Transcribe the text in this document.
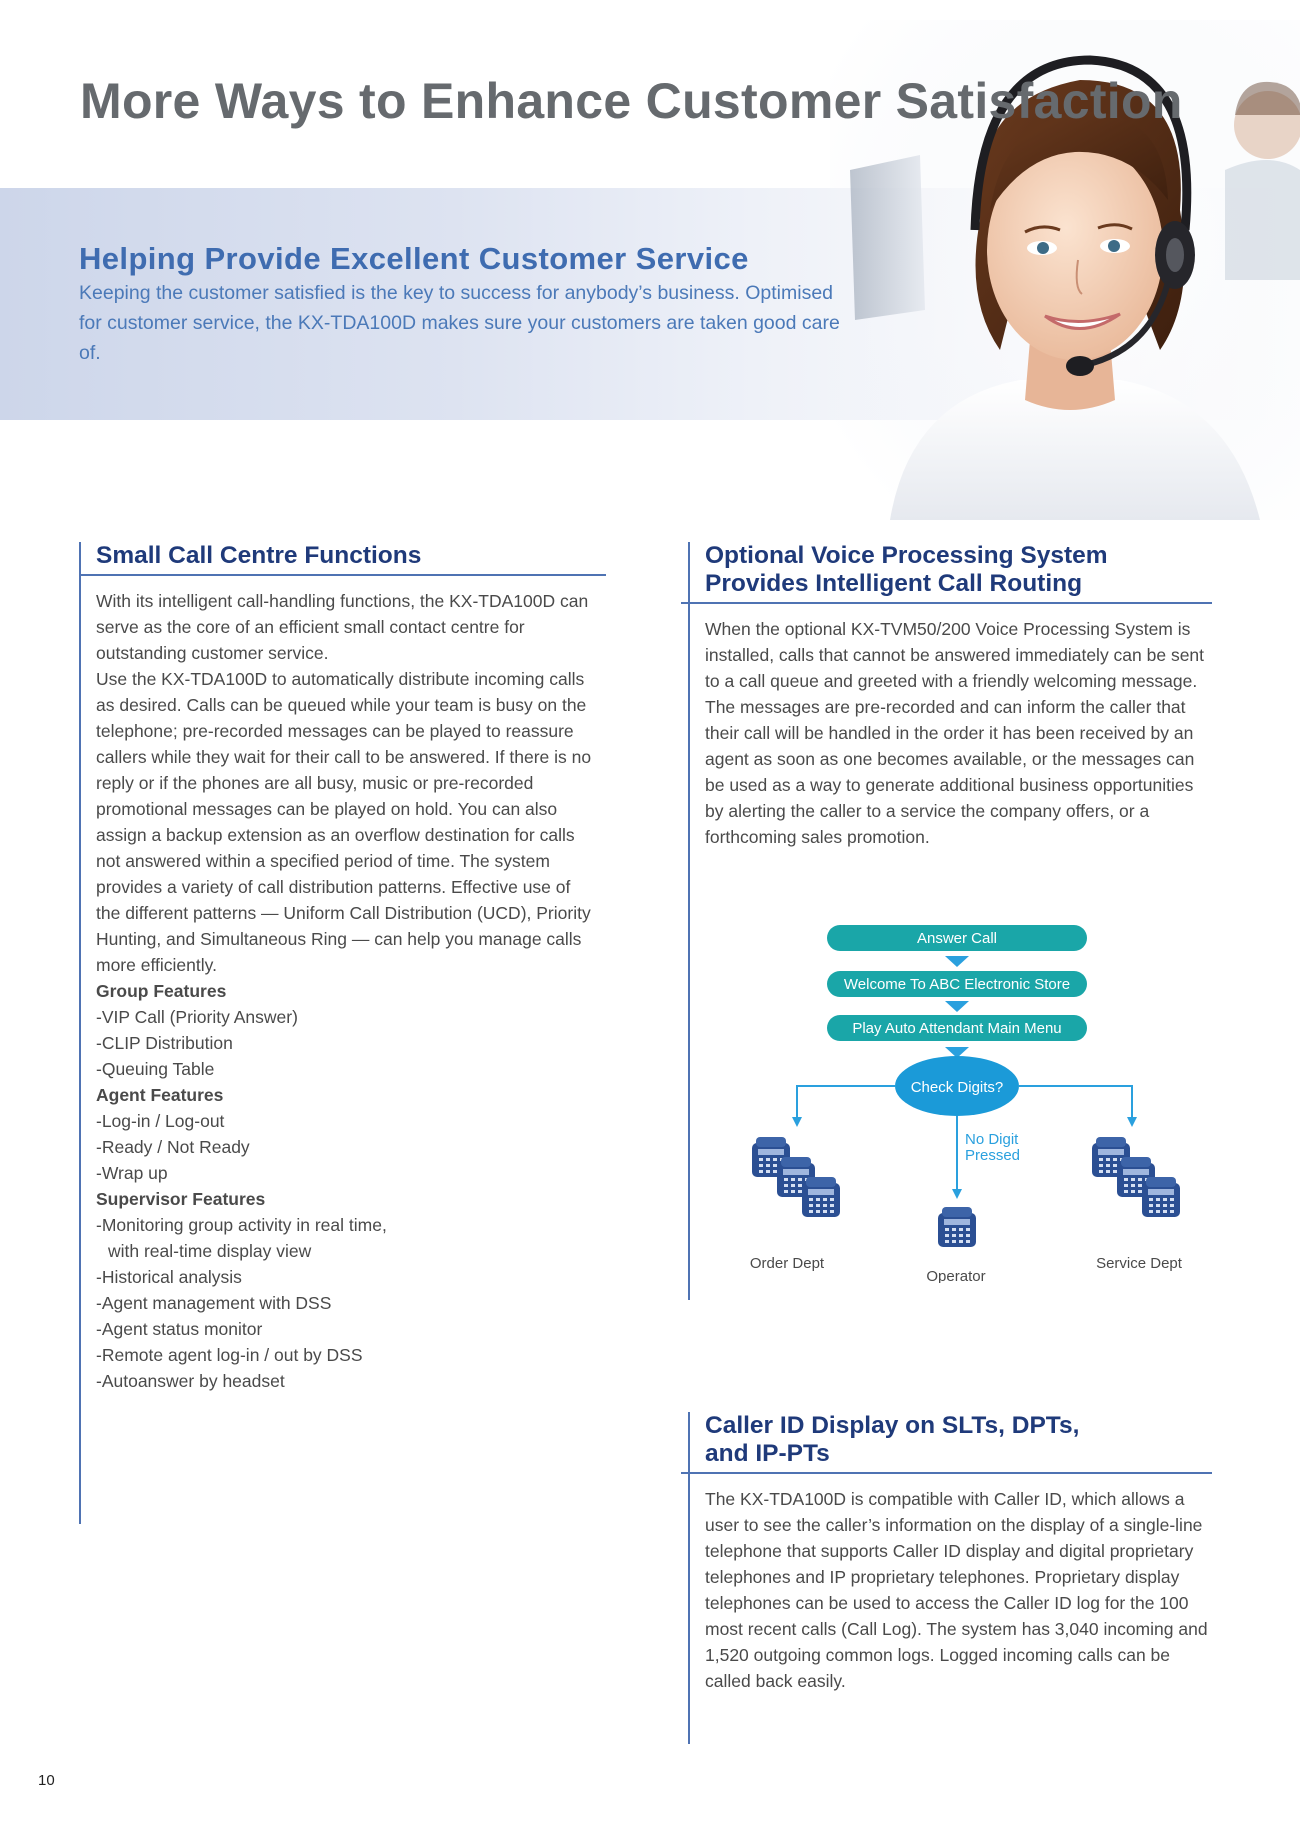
More Ways to Enhance Customer Satisfaction
Helping Provide Excellent Customer Service

Keeping the customer satisfied is the key to success for anybody’s business. Optimised for customer service, the KX-TDA100D makes sure your customers are taken good care of.

Small Call Centre Functions

With its intelligent call-handling functions, the KX-TDA100D can serve as the core of an efficient small contact centre for outstanding customer service.

Use the KX-TDA100D to automatically distribute incoming calls as desired. Calls can be queued while your team is busy on the telephone; pre-recorded messages can be played to reassure callers while they wait for their call to be answered. If there is no reply or if the phones are all busy, music or pre-recorded promotional messages can be played on hold. You can also assign a backup extension as an overflow destination for calls not answered within a specified period of time. The system provides a variety of call distribution patterns. Effective use of the different patterns — Uniform Call Distribution (UCD), Priority Hunting, and Simultaneous Ring — can help you manage calls more efficiently.

Group Features

-VIP Call (Priority Answer)

-CLIP Distribution

-Queuing Table

Agent Features

-Log-in / Log-out

-Ready / Not Ready

-Wrap up

Supervisor Features

-Monitoring group activity in real time,

with real-time display view

-Historical analysis

-Agent management with DSS

-Agent status monitor

-Remote agent log-in / out by DSS

-Autoanswer by headset

Optional Voice Processing System
Provides Intelligent Call Routing

When the optional KX-TVM50/200 Voice Processing System is installed, calls that cannot be answered immediately can be sent to a call queue and greeted with a friendly welcoming message. The messages are pre-recorded and can inform the caller that their call will be handled in the order it has been received by an agent as soon as one becomes available, or the messages can be used as a way to generate additional business opportunities by alerting the caller to a service the company offers, or a forthcoming sales promotion.

Answer Call
Welcome To ABC Electronic Store
Play Auto Attendant Main Menu
Check Digits?
No Digit
Pressed
Order Dept
Operator
Service Dept
Caller ID Display on SLTs, DPTs,
and IP-PTs

The KX-TDA100D is compatible with Caller ID, which allows a user to see the caller’s information on the display of a single-line telephone that supports Caller ID display and digital proprietary telephones and IP proprietary telephones. Proprietary display telephones can be used to access the Caller ID log for the 100 most recent calls (Call Log). The system has 3,040 incoming and 1,520 outgoing common logs. Logged incoming calls can be called back easily.

10
